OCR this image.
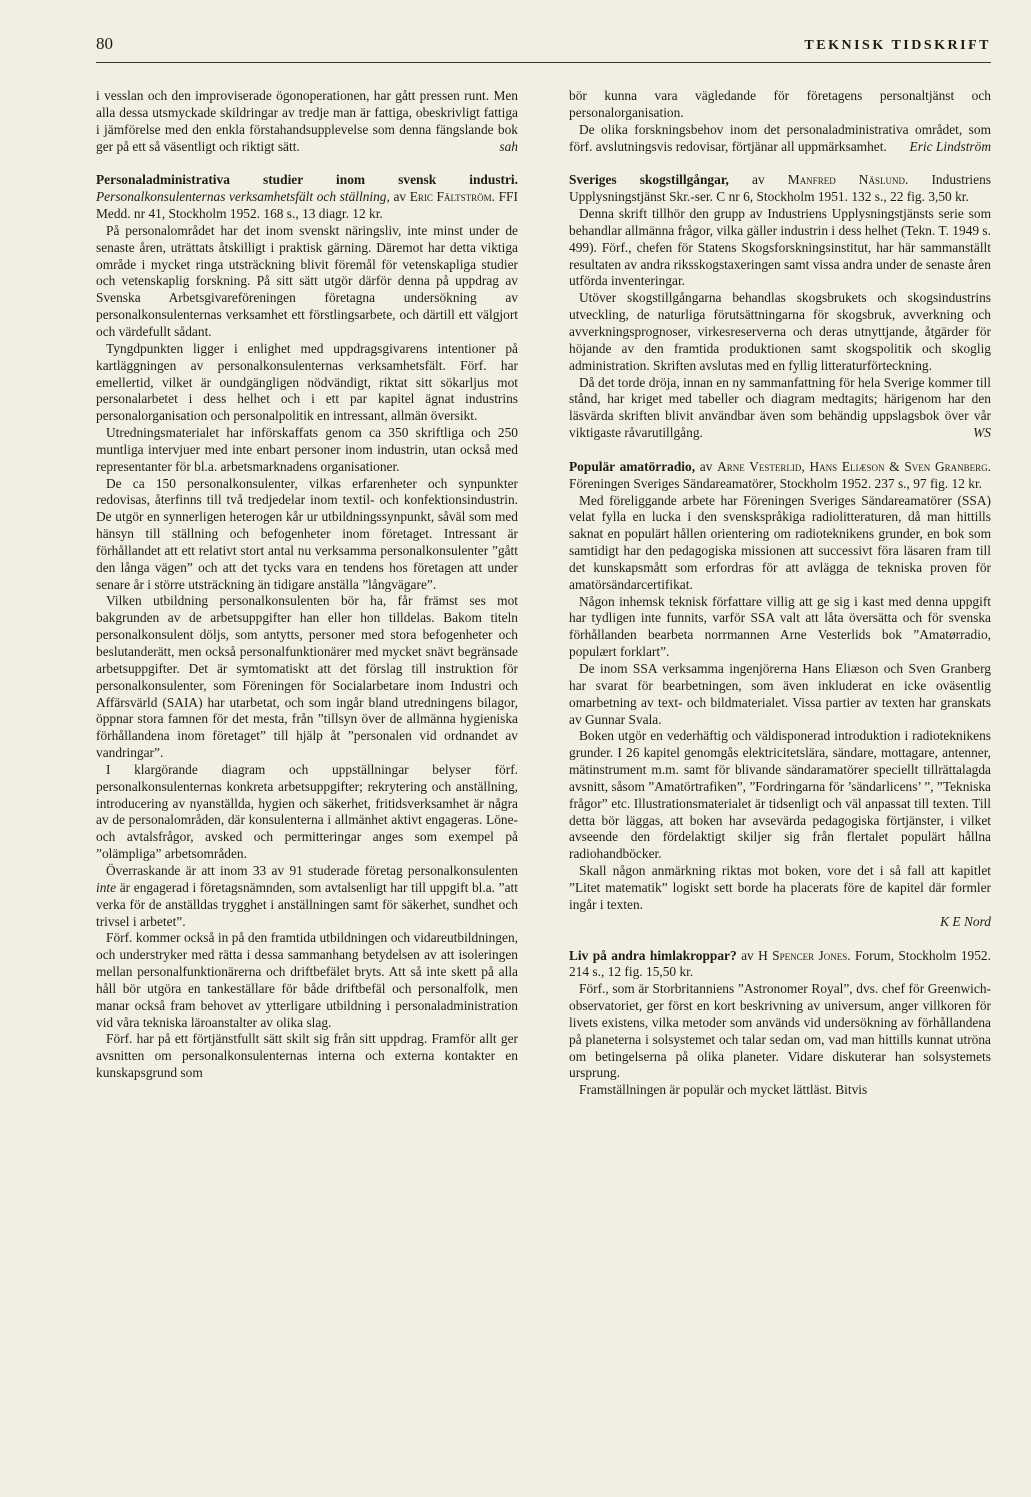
80	TEKNISK TIDSKRIFT

i vesslan och den improviserade ögonoperationen, har gått pressen runt. Men alla dessa utsmyckade skildringar av tredje man är fattiga, obeskrivligt fattiga i jämförelse med den enkla förstahandsupplevelse som denna fängslande bok ger på ett så väsentligt och riktigt sätt.	sah

Personaladministrativa studier inom svensk industri. Personalkonsulenternas verksamhetsfält och ställning, av Eric Fältström. FFI Medd. nr 41, Stockholm 1952. 168 s., 13 diagr. 12 kr.

På personalområdet har det inom svenskt näringsliv, inte minst under de senaste åren, uträttats åtskilligt i praktisk gärning. Däremot har detta viktiga område i mycket ringa utsträckning blivit föremål för vetenskapliga studier och vetenskaplig forskning. På sitt sätt utgör därför denna på uppdrag av Svenska Arbetsgivareföreningen företagna undersökning av personalkonsulenternas verksamhet ett förstlingsarbete, och därtill ett välgjort och värdefullt sådant.

Tyngdpunkten ligger i enlighet med uppdragsgivarens intentioner på kartläggningen av personalkonsulenternas verksamhetsfält. Förf. har emellertid, vilket är oundgängligen nödvändigt, riktat sitt sökarljus mot personalarbetet i dess helhet och i ett par kapitel ägnat industrins personalorganisation och personalpolitik en intressant, allmän översikt.

Utredningsmaterialet har införskaffats genom ca 350 skriftliga och 250 muntliga intervjuer med inte enbart personer inom industrin, utan också med representanter för bl.a. arbetsmarknadens organisationer.

De ca 150 personalkonsulenter, vilkas erfarenheter och synpunkter redovisas, återfinns till två tredjedelar inom textil- och konfektionsindustrin. De utgör en synnerligen heterogen kår ur utbildningssynpunkt, såväl som med hänsyn till ställning och befogenheter inom företaget. Intressant är förhållandet att ett relativt stort antal nu verksamma personalkonsulenter ”gått den långa vägen” och att det tycks vara en tendens hos företagen att under senare år i större utsträckning än tidigare anställa ”långvägare”.

Vilken utbildning personalkonsulenten bör ha, får främst ses mot bakgrunden av de arbetsuppgifter han eller hon tilldelas. Bakom titeln personalkonsulent döljs, som antytts, personer med stora befogenheter och beslutanderätt, men också personalfunktionärer med mycket snävt begränsade arbetsuppgifter. Det är symtomatiskt att det förslag till instruktion för personalkonsulenter, som Föreningen för Socialarbetare inom Industri och Affärsvärld (SAIA) har utarbetat, och som ingår bland utredningens bilagor, öppnar stora famnen för det mesta, från ”tillsyn över de allmänna hygieniska förhållandena inom företaget” till hjälp åt ”personalen vid ordnandet av vandringar”.

I klargörande diagram och uppställningar belyser förf. personalkonsulenternas konkreta arbetsuppgifter; rekrytering och anställning, introducering av nyanställda, hygien och säkerhet, fritidsverksamhet är några av de personalområden, där konsulenterna i allmänhet aktivt engageras. Löne- och avtalsfrågor, avsked och permitteringar anges som exempel på ”olämpliga” arbetsområden.

Överraskande är att inom 33 av 91 studerade företag personalkonsulenten inte är engagerad i företagsnämnden, som avtalsenligt har till uppgift bl.a. ”att verka för de anställdas trygghet i anställningen samt för säkerhet, sundhet och trivsel i arbetet”.

Förf. kommer också in på den framtida utbildningen och vidareutbildningen, och understryker med rätta i dessa sammanhang betydelsen av att isoleringen mellan personalfunktionärerna och driftbefälet bryts. Att så inte skett på alla håll bör utgöra en tankeställare för både driftbefäl och personalfolk, men manar också fram behovet av ytterligare utbildning i personaladministration vid våra tekniska läroanstalter av olika slag.

Förf. har på ett förtjänstfullt sätt skilt sig från sitt uppdrag. Framför allt ger avsnitten om personalkonsulenternas interna och externa kontakter en kunskapsgrund som

bör kunna vara vägledande för företagens personaltjänst och personalorganisation.

De olika forskningsbehov inom det personaladministrativa området, som förf. avslutningsvis redovisar, förtjänar all uppmärksamhet.	Eric Lindström

Sveriges skogstillgångar, av Manfred Näslund. Industriens Upplysningstjänst Skr.-ser. C nr 6, Stockholm 1951. 132 s., 22 fig. 3,50 kr.

Denna skrift tillhör den grupp av Industriens Upplysningstjänsts serie som behandlar allmänna frågor, vilka gäller industrin i dess helhet (Tekn. T. 1949 s. 499). Förf., chefen för Statens Skogsforskningsinstitut, har här sammanställt resultaten av andra riksskogstaxeringen samt vissa andra under de senaste åren utförda inventeringar.

Utöver skogstillgångarna behandlas skogsbrukets och skogsindustrins utveckling, de naturliga förutsättningarna för skogsbruk, avverkning och avverkningsprognoser, virkesreserverna och deras utnyttjande, åtgärder för höjande av den framtida produktionen samt skogspolitik och skoglig administration. Skriften avslutas med en fyllig litteraturförteckning.

Då det torde dröja, innan en ny sammanfattning för hela Sverige kommer till stånd, har kriget med tabeller och diagram medtagits; härigenom har den läsvärda skriften blivit användbar även som behändig uppslagsbok över vår viktigaste råvarutillgång.	WS

Populär amatörradio, av Arne Vesterlid, Hans Eliæson & Sven Granberg. Föreningen Sveriges Sändareamatörer, Stockholm 1952. 237 s., 97 fig. 12 kr.

Med föreliggande arbete har Föreningen Sveriges Sändareamatörer (SSA) velat fylla en lucka i den svenskspråkiga radiolitteraturen, då man hittills saknat en populärt hållen orientering om radioteknikens grunder, en bok som samtidigt har den pedagogiska missionen att successivt föra läsaren fram till det kunskapsmått som erfordras för att avlägga de tekniska proven för amatörsändarcertifikat.

Någon inhemsk teknisk författare villig att ge sig i kast med denna uppgift har tydligen inte funnits, varför SSA valt att låta översätta och för svenska förhållanden bearbeta norrmannen Arne Vesterlids bok ”Amatørradio, populært forklart”.

De inom SSA verksamma ingenjörerna Hans Eliæson och Sven Granberg har svarat för bearbetningen, som även inkluderat en icke oväsentlig omarbetning av text- och bildmaterialet. Vissa partier av texten har granskats av Gunnar Svala.

Boken utgör en vederhäftig och väldisponerad introduktion i radioteknikens grunder. I 26 kapitel genomgås elektricitetslära, sändare, mottagare, antenner, mätinstrument m.m. samt för blivande sändaramatörer speciellt tillrättalagda avsnitt, såsom ”Amatörtrafiken”, ”Fordringarna för ’sändarlicens’ ”, ”Tekniska frågor” etc. Illustrationsmaterialet är tidsenligt och väl anpassat till texten. Till detta bör läggas, att boken har avsevärda pedagogiska förtjänster, i vilket avseende den fördelaktigt skiljer sig från flertalet populärt hållna radiohandböcker.

Skall någon anmärkning riktas mot boken, vore det i så fall att kapitlet ”Litet matematik” logiskt sett borde ha placerats före de kapitel där formler ingår i texten.

K E Nord

Liv på andra himlakroppar? av H Spencer Jones. Forum, Stockholm 1952. 214 s., 12 fig. 15,50 kr.

Förf., som är Storbritanniens ”Astronomer Royal”, dvs. chef för Greenwich-observatoriet, ger först en kort beskrivning av universum, anger villkoren för livets existens, vilka metoder som används vid undersökning av förhållandena på planeterna i solsystemet och talar sedan om, vad man hittills kunnat utröna om betingelserna på olika planeter. Vidare diskuterar han solsystemets ursprung.

Framställningen är populär och mycket lättläst. Bitvis
